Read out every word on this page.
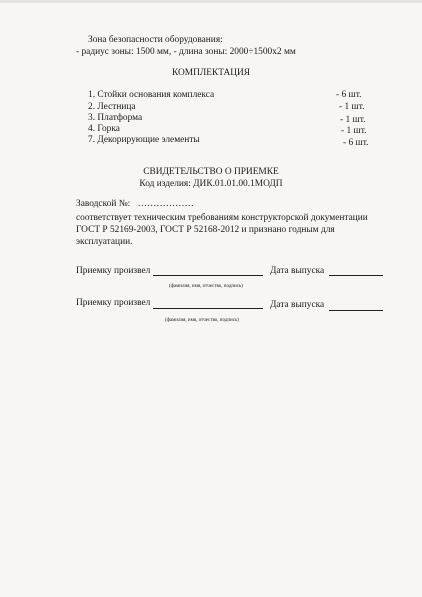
Зона безопасности оборудования:
- радиус зоны: 1500 мм, - длина зоны: 2000÷1500х2 мм
КОМПЛЕКТАЦИЯ
1. Стойки основания комплекса	- 6 шт.
2. Лестница	- 1 шт.
3. Платформа	- 1 шт.
4. Горка	- 1 шт.
7. Декорирующие элементы	- 6 шт.
СВИДЕТЕЛЬСТВО О ПРИЕМКЕ
Код изделия: ДИК.01.01.00.1МОДП
Заводской №: ………………
соответствует техническим требованиям конструкторской документации
ГОСТ Р 52169-2003, ГОСТ Р 52168-2012 и признано годным для
эксплуатации.
Приемку произвел	Дата выпуска
(фамилия, имя, отчество, подпись)
Приемку произвел	Дата выпуска
(фамилия, имя, отчество, подпись)
